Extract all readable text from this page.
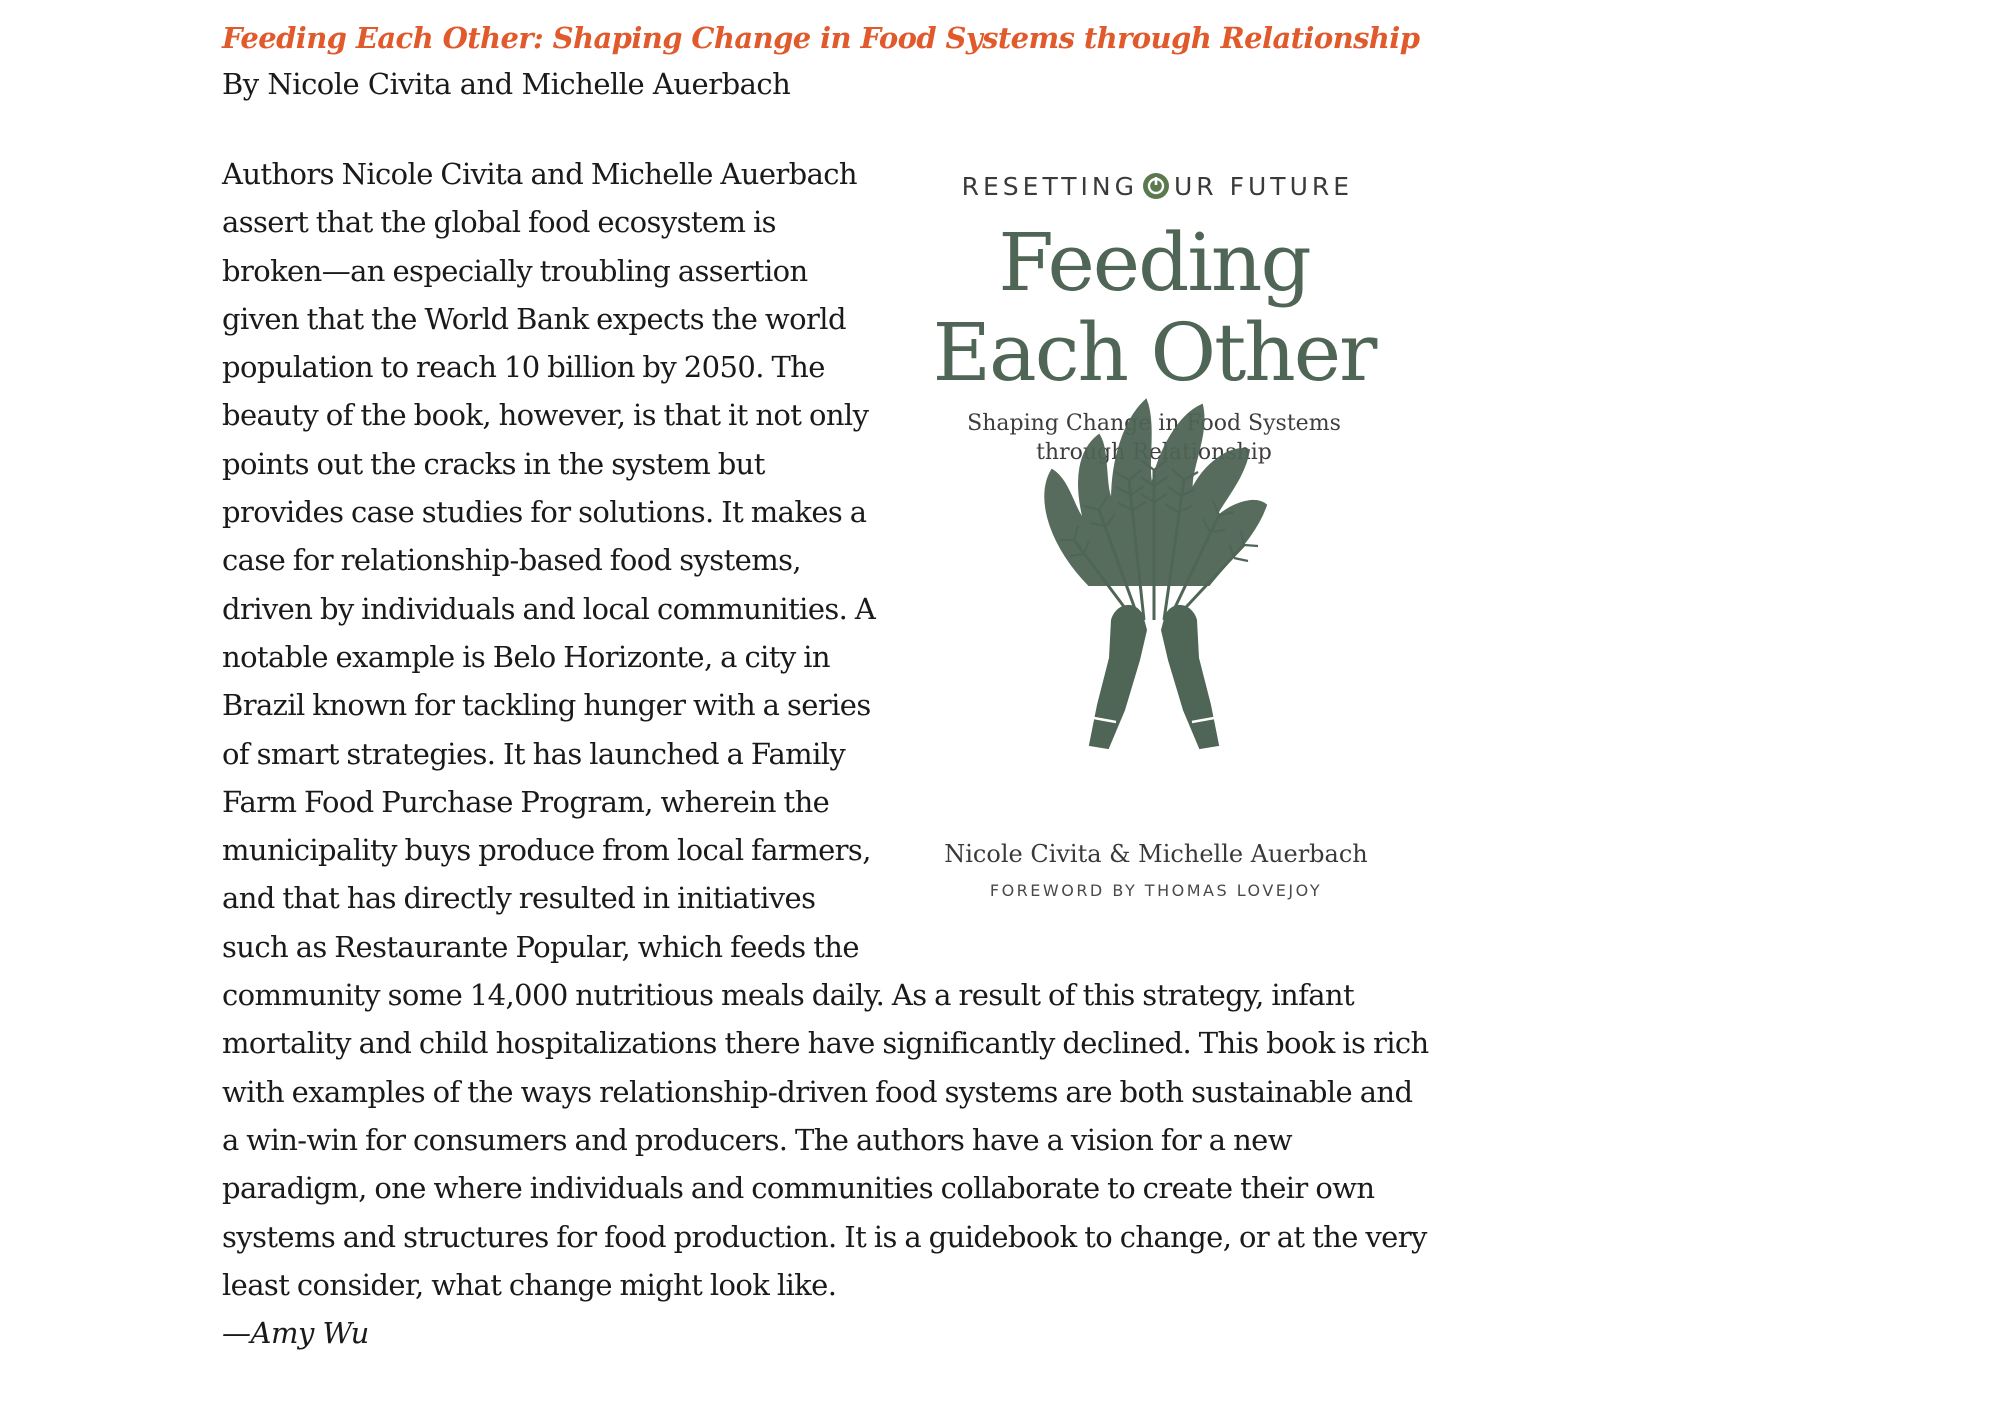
Feeding Each Other: Shaping Change in Food Systems through Relationship

By Nicole Civita and Michelle Auerbach

RESETTING UR FUTURE
Feeding
Each Other
Shaping Change in Food Systems
through Relationship
Nicole Civita & Michelle Auerbach
FOREWORD BY THOMAS LOVEJOY

Authors Nicole Civita and Michelle Auerbach assert that the global food ecosystem is broken—an especially troubling assertion given that the World Bank expects the world population to reach 10 billion by 2050. The beauty of the book, however, is that it not only points out the cracks in the system but provides case studies for solutions. It makes a case for relationship-based food systems, driven by individuals and local communities. A notable example is Belo Horizonte, a city in Brazil known for tackling hunger with a series of smart strategies. It has launched a Family Farm Food Purchase Program, wherein the municipality buys produce from local farmers, and that has directly resulted in initiatives such as Restaurante Popular, which feeds the community some 14,000 nutritious meals daily. As a result of this strategy, infant mortality and child hospitalizations there have significantly declined. This book is rich with examples of the ways relationship-driven food systems are both sustainable and a win-win for consumers and producers. The authors have a vision for a new paradigm, one where individuals and communities collaborate to create their own systems and structures for food production. It is a guidebook to change, or at the very least consider, what change might look like.

—Amy Wu
